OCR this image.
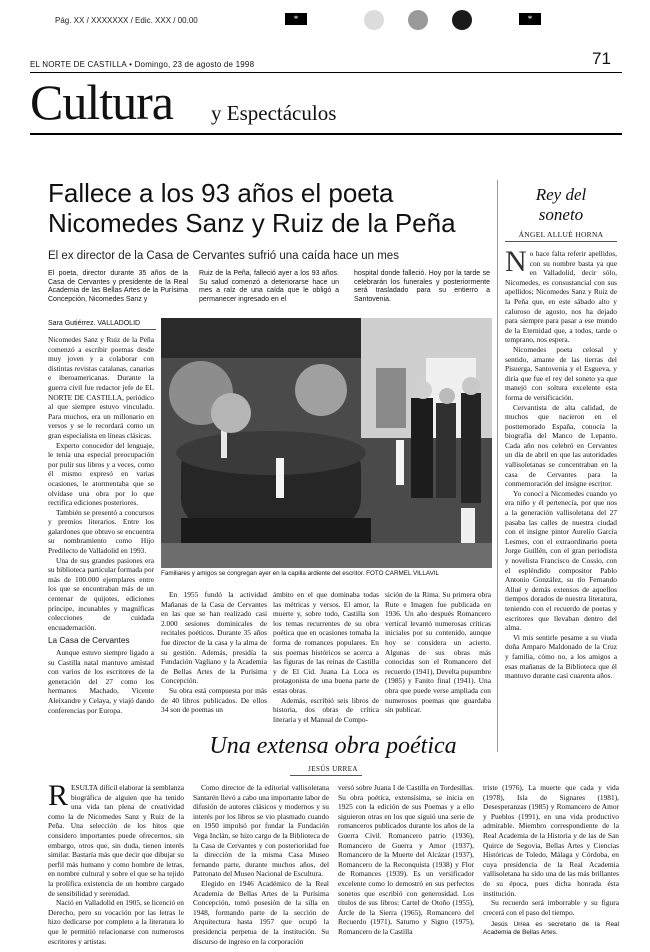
Pág. XX / XXXXXXX / Edic. XXX / 00.00	*	*
EL NORTE DE CASTILLA • Domingo, 23 de agosto de 1998	71
Cultura y Espectáculos
Fallece a los 93 años el poeta
Nicomedes Sanz y Ruiz de la Peña
El ex director de la Casa de Cervantes sufrió una caída hace un mes
El poeta, director durante 35 años de la Casa de Cervantes y presidente de la Real Academia de las Bellas Artes de la Purísima Concepción, Nicomedes Sanz y
Ruiz de la Peña, falleció ayer a los 93 años. Su salud comenzó a deteriorarse hace un mes a raíz de una caída que le obligó a permanecer ingresado en el
hospital donde falleció. Hoy por la tarde se celebrarán los funerales y posteriormente será trasladado para su entierro a Santovenia.
Sara Gutiérrez. VALLADOLID
Familiares y amigos se congregan ayer en la capilla ardiente del escritor. FOTO CARMEL VILLAVIL

Nicomedes Sanz y Ruiz de la Peña comenzó a escribir poemas desde muy joven y a colaborar con distintas revistas catalanas, canarias e iberoamericanas. Durante la guerra civil fue redactor jefe de EL NORTE DE CASTILLA, periódico al que siempre estuvo vinculado. Para muchos, era un millonario en versos y se le recordará como un gran especialista en líneas clásicas.

Experto conocedor del lenguaje, le tenía una especial preocupación por pulir sus libros y a veces, como él mismo expresó en varias ocasiones, le atormentaba que se olvidase una obra por lo que rectifica ediciones posteriores.

También se presentó a concursos y premios literarios. Entre los galardones que obtuvo se encuentra su nombramiento como Hijo Predilecto de Valladolid en 1993.

Una de sus grandes pasiones era su biblioteca particular formada por más de 100.000 ejemplares entre los que se encontraban más de un centenar de quijotes, ediciones príncipe, incunables y magníficas colecciones de cuidada encuadernación.

La Casa de Cervantes

Aunque estuvo siempre ligado a su Castilla natal mantuvo amistad con varios de los escritores de la generación del 27 como los hermanos Machado, Vicente Aleixandre y Celaya, y viajó dando conferencias por Europa.

En 1955 fundó la actividad Mañanas de la Casa de Cervantes en las que se han realizado casi 2.000 sesiones dominicales de recitales poéticos. Durante 35 años fue director de la casa y la alma de su gestión. Además, presidía la Fundación Vagliano y la Academia de Bellas Artes de la Purísima Concepción.

Su obra está compuesta por más de 40 libros publicados. De ellos 34 son de poemas un

ámbito en el que dominaba todas las métricas y versos. El amor, la muerte y, sobre todo, Castilla son los temas recurrentes de su obra poética que en ocasiones tomaba la forma de romances populares. En sus poemas históricos se acerca a las figuras de las reinas de Castilla y de El Cid. Juana La Loca es protagonista de una buena parte de estas obras.

Además, escribió seis libros de historia, dos obras de crítica literaria y el Manual de Compo-

sición de la Rima. Su primera obra Rute e Imagen fue publicada en 1936. Un año después Romancero vertical levantó numerosas críticas iniciales por su contenido, aunque hoy se considera un acierto. Algunas de sus obras más conocidas son el Romancero del recuerdo (1941), Develta pupumbre (1985) y Fanito final (1941). Una obra que puede verse ampliada con numerosos poemas que guardaba sin publicar.

Rey del
soneto
ÁNGEL ALLUÉ HORNA

No hace falta referir apellidos, con su nombre basta ya que en Valladolid, decir sólo, Nicomedes, es consustancial con sus apellidos; Nicomedes Sanz y Ruiz de la Peña que, en este sábado alto y caluroso de agosto, nos ha dejado para siempre para pasar a ese mundo de la Eternidad que, a todos, tarde o temprano, nos espera.

Nicomedes poeta celosal y sentido, amante de las tierras del Pisuerga, Santovenia y el Esgueva, y diría que fue el rey del soneto ya que manejó con soltura excelente esta forma de versificación.

Cervantista de alta calidad, de muchos que nacieron en el posttemorado España, conocía la biografía del Manco de Lepanto. Cada año nos celebró en Cervantes un día de abril en que las autoridades vallisoletanas se concentraban en la casa de Cervantes para la conmemoración del insigne escritor.

Yo conocí a Nicomedes cuando yo era niño y él pertenecía, por que nos a la generación vallisoletana del 27 pasaba las calles de nuestra ciudad con el insigne pintor Aurelio García Lesmes, con el extraordinario poeta Jorge Guillén, con el gran periodista y novelista Francisco de Cossío, con el espléndido compositor Pablo Antonio González, su tío Fernando Allué y demás extensos de aquellos tiempos dorados de nuestra literatura, teniendo con el recuerdo de poetas y escritores que llevaban dentro del alma.

Vi mis sentirle pesame a su viuda doña Amparo Maldonado de la Cruz y familia, cómo no, a los amigos a esas mañanas de la Biblioteca que él mantuvo durante casi cuarenta años.

Una extensa obra poética
JESÚS URREA

RESULTA difícil elaborar la semblanza biográfica de alguien que ha tenido una vida tan plena de creatividad como la de Nicomedes Sanz y Ruiz de la Peña. Una selección de los hitos que considero importantes puede ofrecernos, sin embargo, otros que, sin duda, tienen interés similar. Bastaría más que decir que dibujar su perfil más humano y como hombre de letras, en nombre cultural y sobre el que se ha tejido la prolífica existencia de un hombre cargado de sensibilidad y serenidad.

Nació en Valladolid en 1905, se licenció en Derecho, pero su vocación por las letras le hizo dedicarse por completo a la literatura lo que le permitió relacionarse con numerosos escritores y artistas.

Como director de la editorial vallisoletana Santarén llevó a cabo una importante labor de difusión de autores clásicos y modernos y su interés por los libros se vio plasmado cuando en 1950 impulsó por fundar la Fundación Vega Inclán, se hizo cargo de la Biblioteca de la Casa de Cervantes y con posterioridad fue la dirección de la misma Casa Museo fernando parte, durante muchos años, del Patronato del Museo Nacional de Escultura.

Elegido en 1946 Académico de la Real Academia de Bellas Artes de la Purísima Concepción, tomó posesión de la silla en 1948, formando parte de la sección de Arquitectura hasta 1957 que ocupó la presidencia perpetua de la institución. Su discurso de ingreso en la corporación

versó sobre Juana I de Castilla en Tordesillas. Su obra poética, extensísima, se inicia en 1925 con la edición de sus Poemas y a ello siguieron otras en los que siguió una serie de romanceros publicados durante los años de la Guerra Civil. Romancero patrio (1936), Romancero de Guerra y Amor (1937), Romancero de la Muerte del Alcázar (1937), Romancero de la Reconquista (1938) y Flor de Romances (1939). Es un versificador excelente como lo demostró en sus perfectos sonetos que escribió con generosidad. Los títulos de sus libros: Cartel de Otoño (1955), Árcle de la Sierra (1965), Romancero del Recuerdo (1971), Saturno y Signo (1975), Romancero de la Castilla

triste (1976), La muerte que cada y vida (1978), Isla de Signares (1981), Desesperanzas (1985) y Romancero de Amor y Pueblos (1991), en una vida productivo admirable. Miembro correspondiente de la Real Academia de la Historia y de las de San Quirce de Segovia, Bellas Artes y Ciencias Históricas de Toledo, Málaga y Córdoba, en cuya presidencia de la Real Academia vallisoletana ha sido una de las más brillantes de su época, pues dicha honrada ésta institución.

Su recuerdo será imborrable y su figura crecerá con el paso del tiempo.

Jesús Urrea es secretario de la Real Academia de Bellas Artes.
